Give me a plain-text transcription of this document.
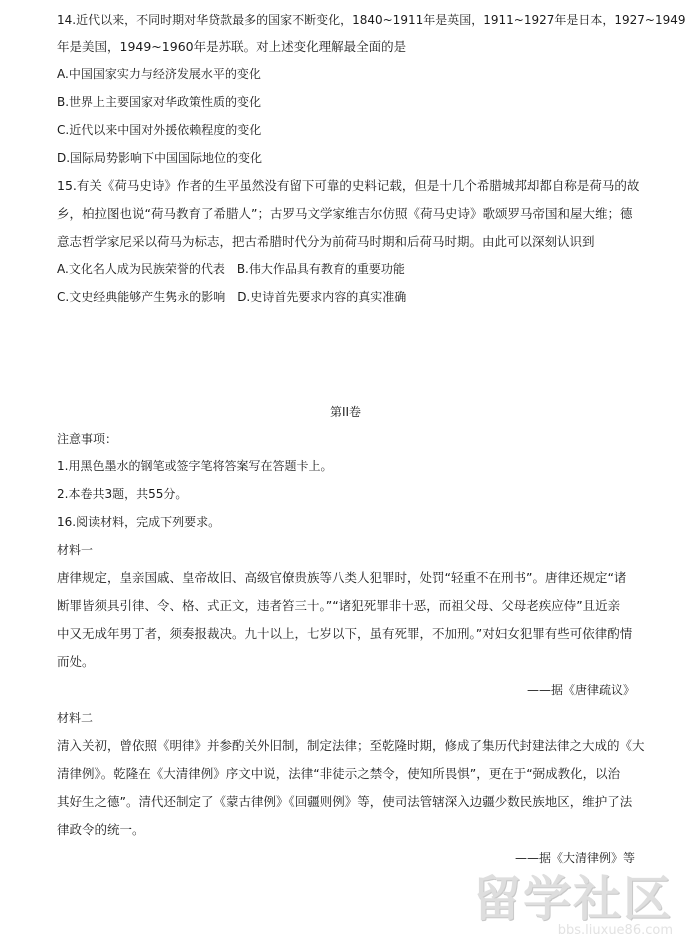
14.近代以来，不同时期对华贷款最多的国家不断变化，1840~1911年是英国，1911~1927年是日本，1927~1949
年是美国，1949~1960年是苏联。对上述变化理解最全面的是
A.中国国家实力与经济发展水平的变化
B.世界上主要国家对华政策性质的变化
C.近代以来中国对外援依赖程度的变化
D.国际局势影响下中国国际地位的变化
15.有关《荷马史诗》作者的生平虽然没有留下可靠的史料记载，但是十几个希腊城邦却都自称是荷马的故
乡，柏拉图也说“荷马教育了希腊人”；古罗马文学家维吉尔仿照《荷马史诗》歌颂罗马帝国和屋大维；德
意志哲学家尼采以荷马为标志，把古希腊时代分为前荷马时期和后荷马时期。由此可以深刻认识到
A.文化名人成为民族荣誉的代表　B.伟大作品具有教育的重要功能
C.文史经典能够产生隽永的影响　D.史诗首先要求内容的真实准确
第II卷
注意事项：
1.用黑色墨水的钢笔或签字笔将答案写在答题卡上。
2.本卷共3题，共55分。
16.阅读材料，完成下列要求。
材料一
唐律规定，皇亲国戚、皇帝故旧、高级官僚贵族等八类人犯罪时，处罚“轻重不在刑书”。唐律还规定“诸
断罪皆须具引律、令、格、式正文，违者笞三十。”“诸犯死罪非十恶，而祖父母、父母老疾应侍”且近亲
中又无成年男丁者，须奏报裁决。九十以上，七岁以下，虽有死罪，不加刑。”对妇女犯罪有些可依律酌情
而处。
——据《唐律疏议》
材料二
清入关初，曾依照《明律》并参酌关外旧制，制定法律；至乾隆时期，修成了集历代封建法律之大成的《大
清律例》。乾隆在《大清律例》序文中说，法律“非徒示之禁令，使知所畏惧”，更在于“弼成教化，以治
其好生之德”。清代还制定了《蒙古律例》《回疆则例》等，使司法管辖深入边疆少数民族地区，维护了法
律政令的统一。
——据《大清律例》等
留学社区
bbs.liuxue86.com
